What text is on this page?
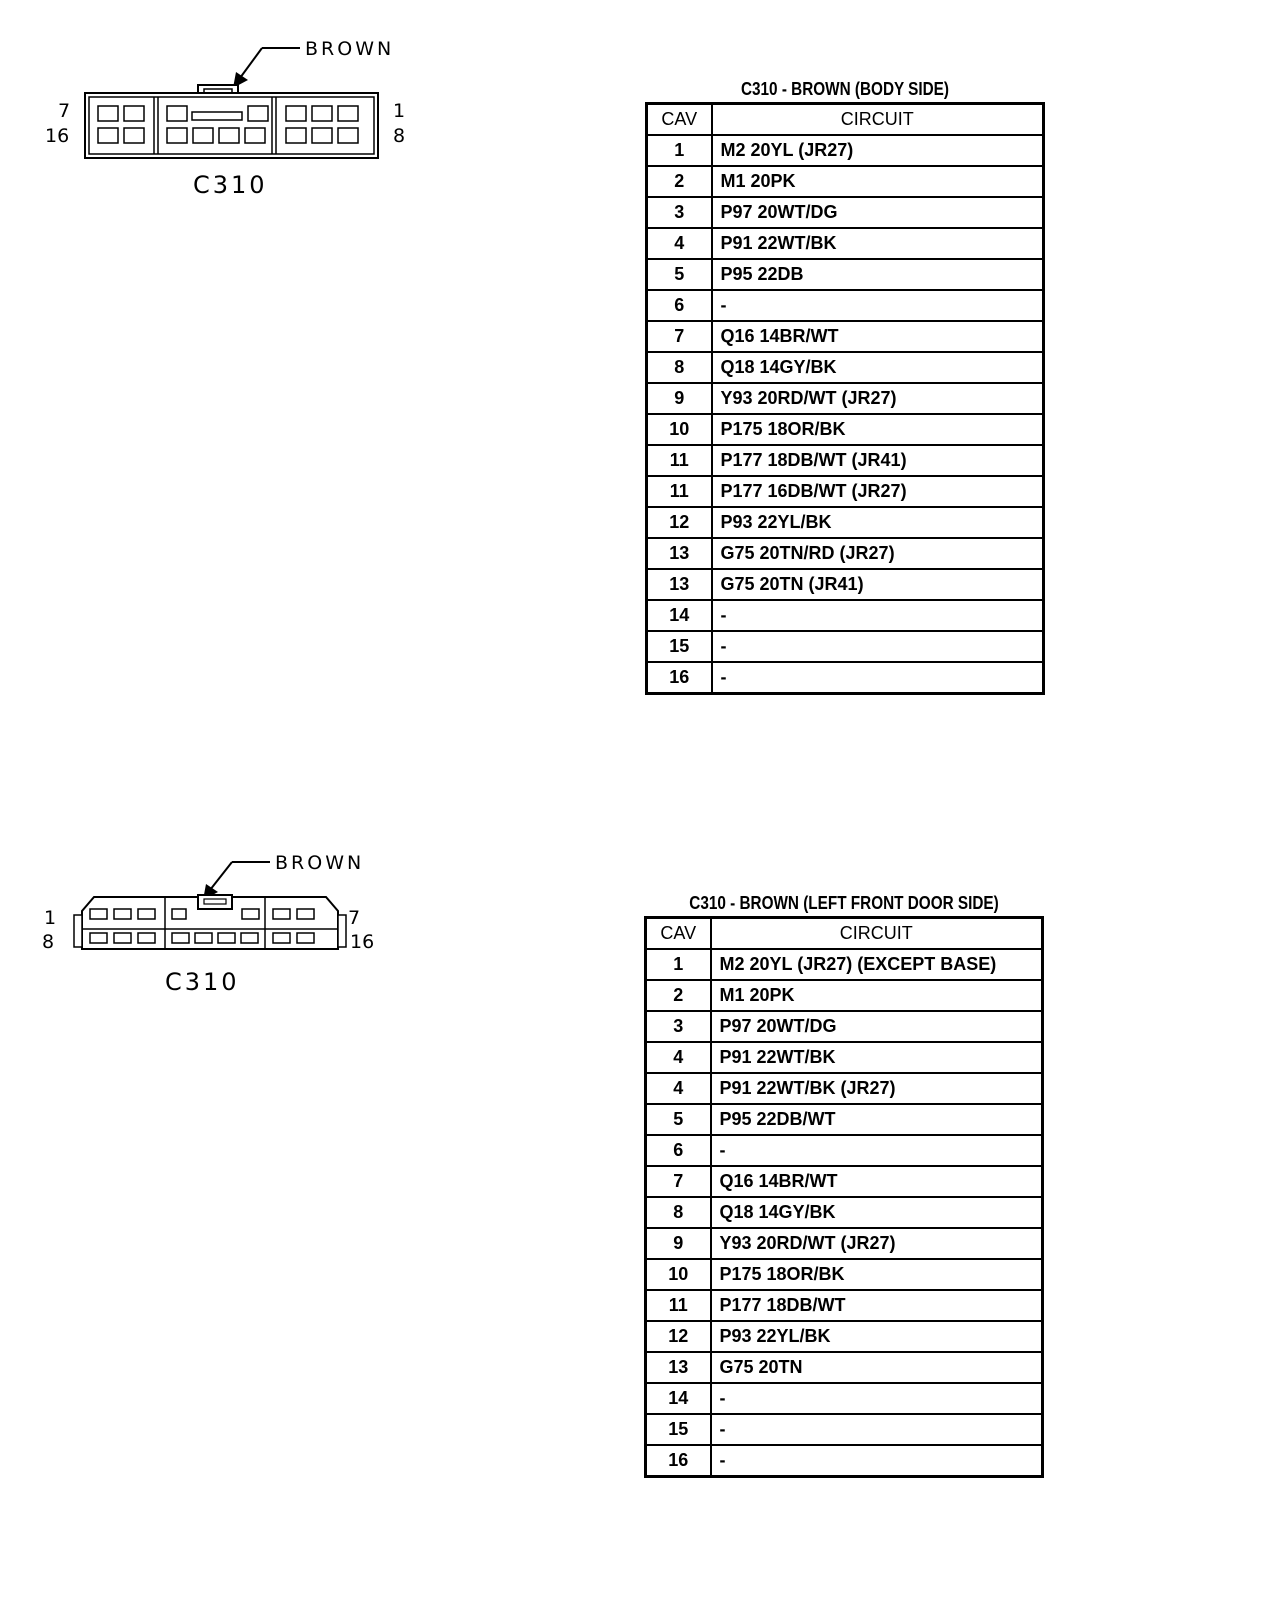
BROWN
7
16
1
8
C310
C310 - BROWN (BODY SIDE)
CAV	CIRCUIT
1	M2 20YL (JR27)
2	M1 20PK
3	P97 20WT/DG
4	P91 22WT/BK
5	P95 22DB
6	-
7	Q16 14BR/WT
8	Q18 14GY/BK
9	Y93 20RD/WT (JR27)
10	P175 18OR/BK
11	P177 18DB/WT (JR41)
11	P177 16DB/WT (JR27)
12	P93 22YL/BK
13	G75 20TN/RD (JR27)
13	G75 20TN (JR41)
14	-
15	-
16	-
BROWN
1
8
7
16
C310
C310 - BROWN (LEFT FRONT DOOR SIDE)
CAV	CIRCUIT
1	M2 20YL (JR27) (EXCEPT BASE)
2	M1 20PK
3	P97 20WT/DG
4	P91 22WT/BK
4	P91 22WT/BK (JR27)
5	P95 22DB/WT
6	-
7	Q16 14BR/WT
8	Q18 14GY/BK
9	Y93 20RD/WT (JR27)
10	P175 18OR/BK
11	P177 18DB/WT
12	P93 22YL/BK
13	G75 20TN
14	-
15	-
16	-
